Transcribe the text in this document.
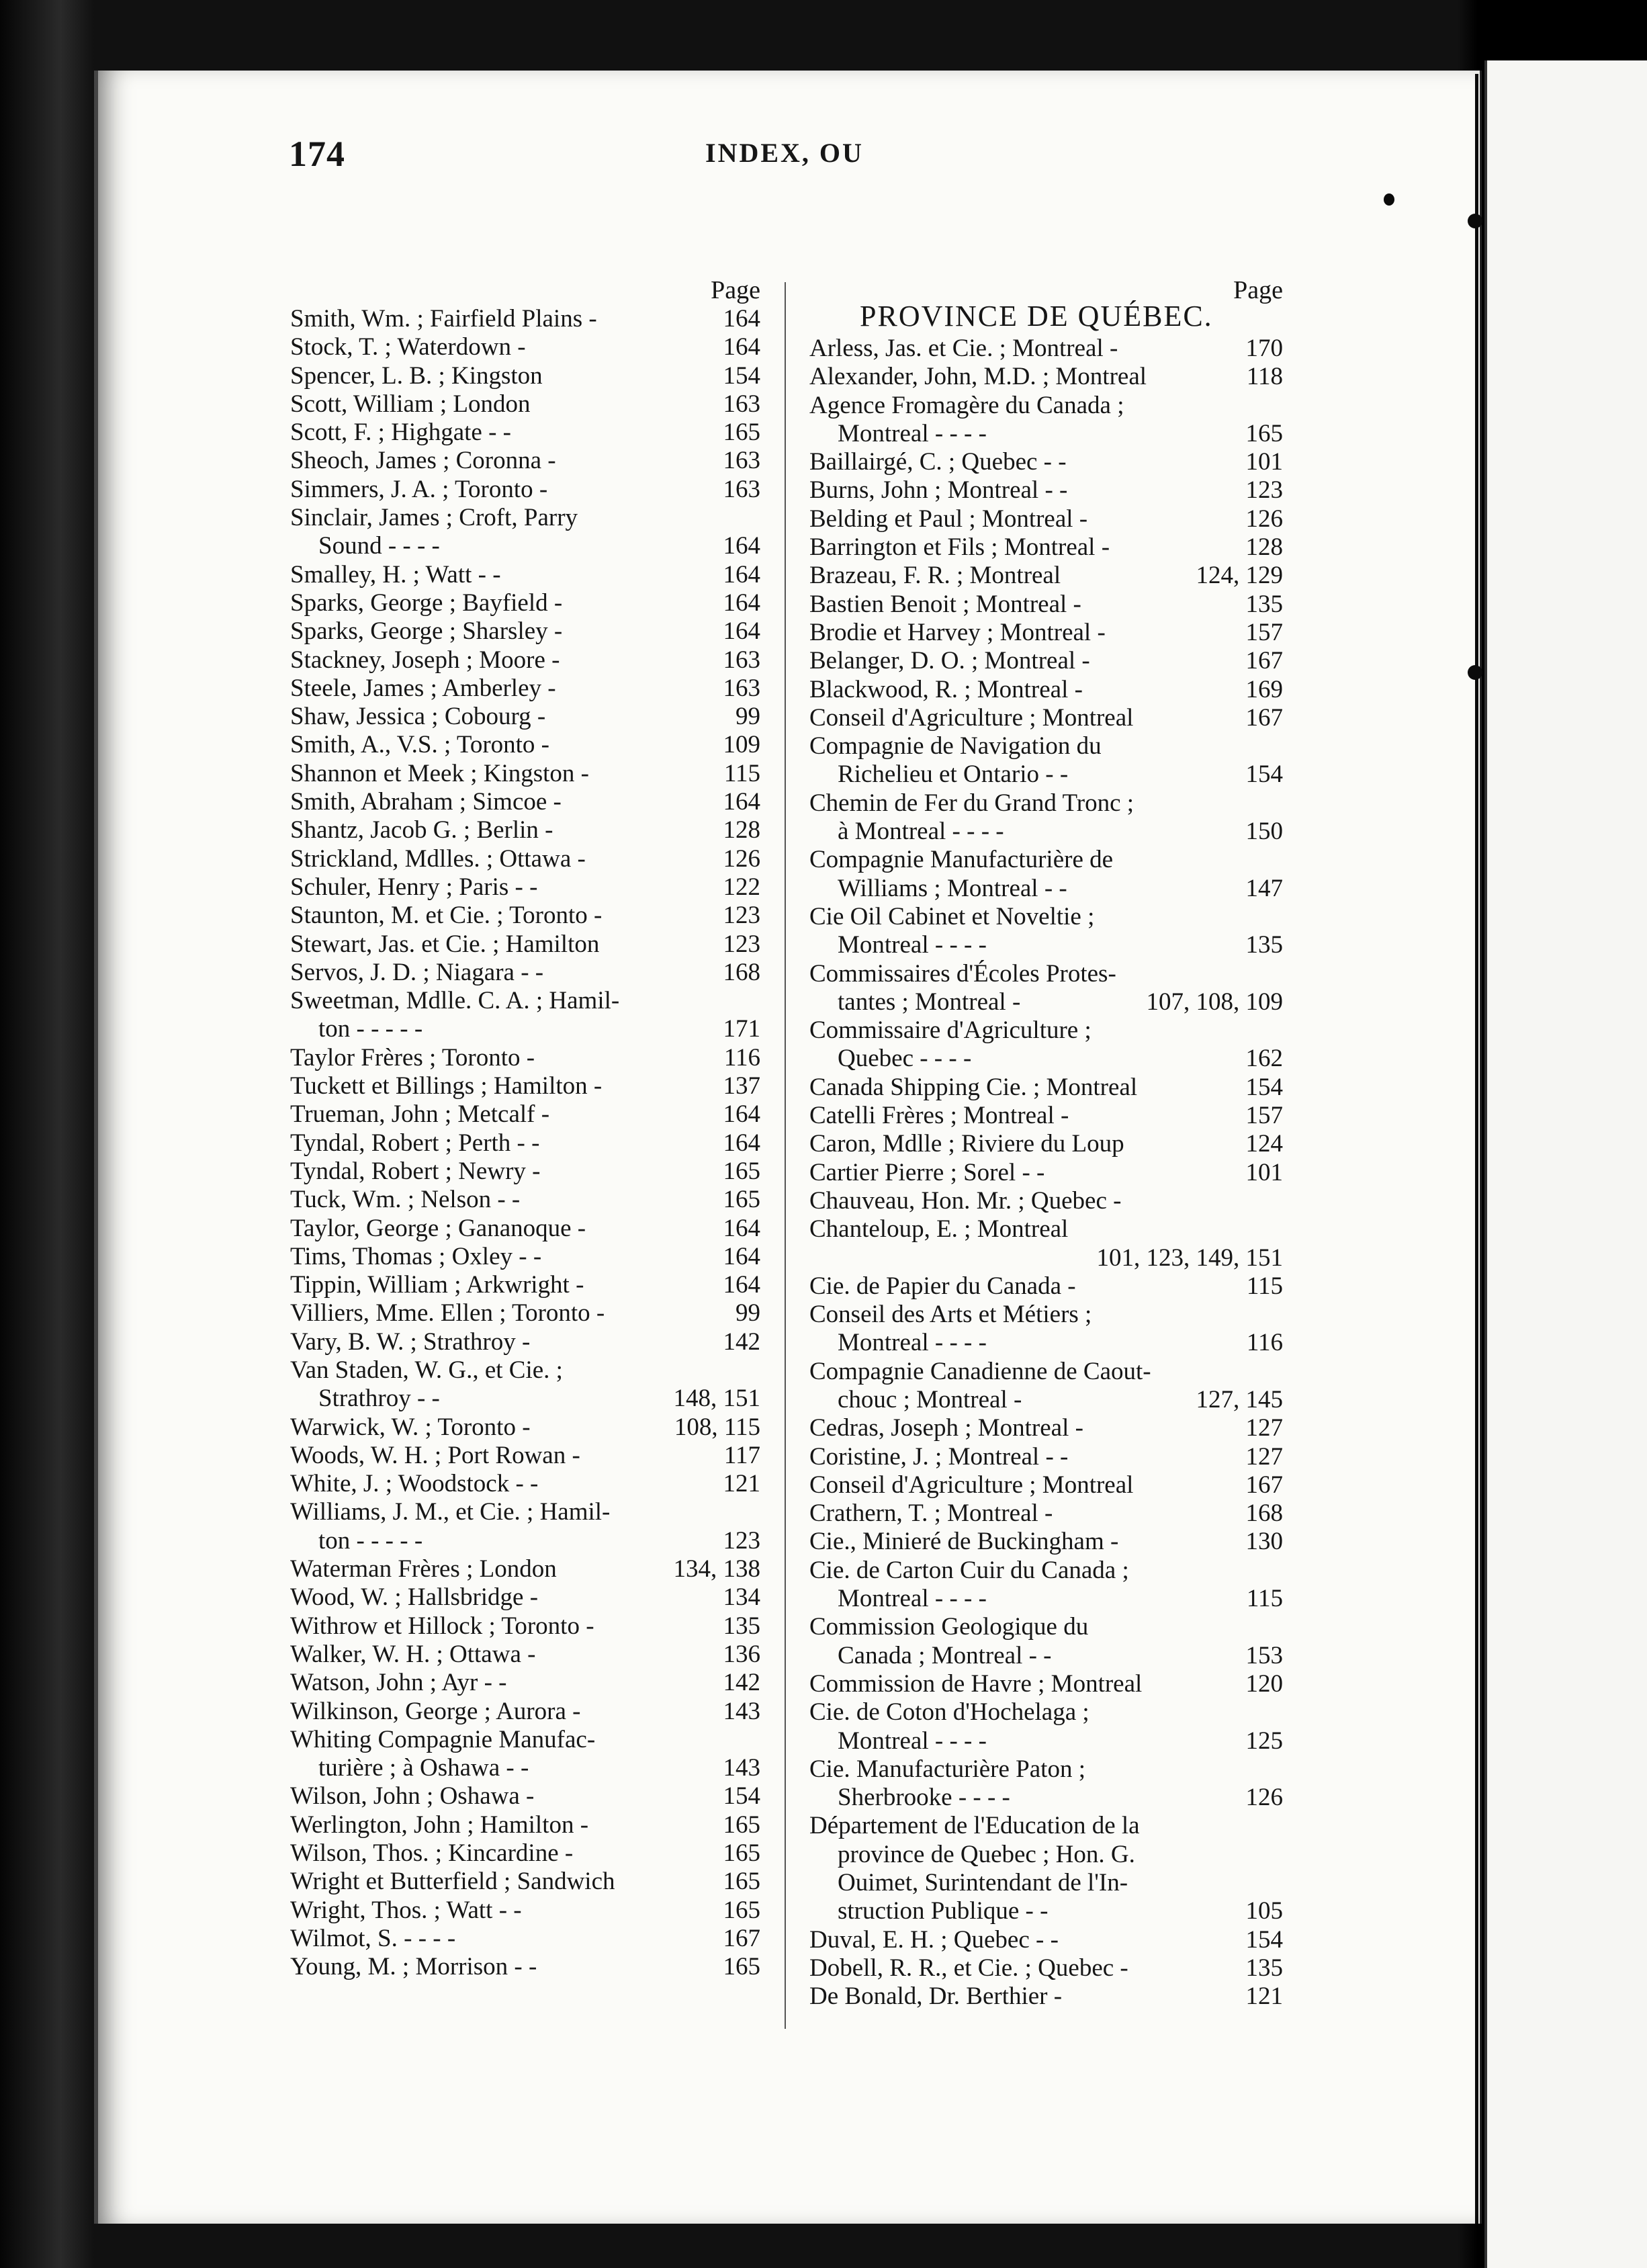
174	INDEX, OU
PROVINCE DE QUÉBEC.
Page
Smith, Wm. ; Fairfield Plains -	164
Stock, T. ; Waterdown -	164
Spencer, L. B. ; Kingston	154
Scott, William ; London	163
Scott, F. ; Highgate - -	165
Sheoch, James ; Coronna -	163
Simmers, J. A. ; Toronto -	163
Sinclair, James ; Croft, Parry
Sound - - - -	164
Smalley, H. ; Watt - -	164
Sparks, George ; Bayfield -	164
Sparks, George ; Sharsley -	164
Stackney, Joseph ; Moore -	163
Steele, James ; Amberley -	163
Shaw, Jessica ; Cobourg -	99
Smith, A., V.S. ; Toronto -	109
Shannon et Meek ; Kingston -	115
Smith, Abraham ; Simcoe -	164
Shantz, Jacob G. ; Berlin -	128
Strickland, Mdlles. ; Ottawa -	126
Schuler, Henry ; Paris - -	122
Staunton, M. et Cie. ; Toronto -	123
Stewart, Jas. et Cie. ; Hamilton	123
Servos, J. D. ; Niagara - -	168
Sweetman, Mdlle. C. A. ; Hamil-
ton - - - - -	171
Taylor Frères ; Toronto -	116
Tuckett et Billings ; Hamilton -	137
Trueman, John ; Metcalf -	164
Tyndal, Robert ; Perth - -	164
Tyndal, Robert ; Newry -	165
Tuck, Wm. ; Nelson - -	165
Taylor, George ; Gananoque -	164
Tims, Thomas ; Oxley - -	164
Tippin, William ; Arkwright -	164
Villiers, Mme. Ellen ; Toronto -	99
Vary, B. W. ; Strathroy -	142
Van Staden, W. G., et Cie. ;
Strathroy - -	148, 151
Warwick, W. ; Toronto -	108, 115
Woods, W. H. ; Port Rowan -	117
White, J. ; Woodstock - -	121
Williams, J. M., et Cie. ; Hamil-
ton - - - - -	123
Waterman Frères ; London	134, 138
Wood, W. ; Hallsbridge -	134
Withrow et Hillock ; Toronto -	135
Walker, W. H. ; Ottawa -	136
Watson, John ; Ayr - -	142
Wilkinson, George ; Aurora -	143
Whiting Compagnie Manufac-
turière ; à Oshawa - -	143
Wilson, John ; Oshawa -	154
Werlington, John ; Hamilton -	165
Wilson, Thos. ; Kincardine -	165
Wright et Butterfield ; Sandwich	165
Wright, Thos. ; Watt - -	165
Wilmot, S. - - - -	167
Young, M. ; Morrison - -	165
Page
Arless, Jas. et Cie. ; Montreal -	170
Alexander, John, M.D. ; Montreal	118
Agence Fromagère du Canada ;
Montreal - - - -	165
Baillairgé, C. ; Quebec - -	101
Burns, John ; Montreal - -	123
Belding et Paul ; Montreal -	126
Barrington et Fils ; Montreal -	128
Brazeau, F. R. ; Montreal	124, 129
Bastien Benoit ; Montreal -	135
Brodie et Harvey ; Montreal -	157
Belanger, D. O. ; Montreal -	167
Blackwood, R. ; Montreal -	169
Conseil d'Agriculture ; Montreal	167
Compagnie de Navigation du
Richelieu et Ontario - -	154
Chemin de Fer du Grand Tronc ;
à Montreal - - - -	150
Compagnie Manufacturière de
Williams ; Montreal - -	147
Cie Oil Cabinet et Noveltie ;
Montreal - - - -	135
Commissaires d'Écoles Protes-
tantes ; Montreal -	107, 108, 109
Commissaire d'Agriculture ;
Quebec - - - -	162
Canada Shipping Cie. ; Montreal	154
Catelli Frères ; Montreal -	157
Caron, Mdlle ; Riviere du Loup	124
Cartier Pierre ; Sorel - -	101
Chauveau, Hon. Mr. ; Quebec -
Chanteloup, E. ; Montreal
101, 123, 149, 151
Cie. de Papier du Canada -	115
Conseil des Arts et Métiers ;
Montreal - - - -	116
Compagnie Canadienne de Caout-
chouc ; Montreal -	127, 145
Cedras, Joseph ; Montreal -	127
Coristine, J. ; Montreal - -	127
Conseil d'Agriculture ; Montreal	167
Crathern, T. ; Montreal -	168
Cie., Minieré de Buckingham -	130
Cie. de Carton Cuir du Canada ;
Montreal - - - -	115
Commission Geologique du
Canada ; Montreal - -	153
Commission de Havre ; Montreal	120
Cie. de Coton d'Hochelaga ;
Montreal - - - -	125
Cie. Manufacturière Paton ;
Sherbrooke - - - -	126
Département de l'Education de la
province de Quebec ; Hon. G.
Ouimet, Surintendant de l'In-
struction Publique - -	105
Duval, E. H. ; Quebec - -	154
Dobell, R. R., et Cie. ; Quebec -	135
De Bonald, Dr. Berthier -	121
